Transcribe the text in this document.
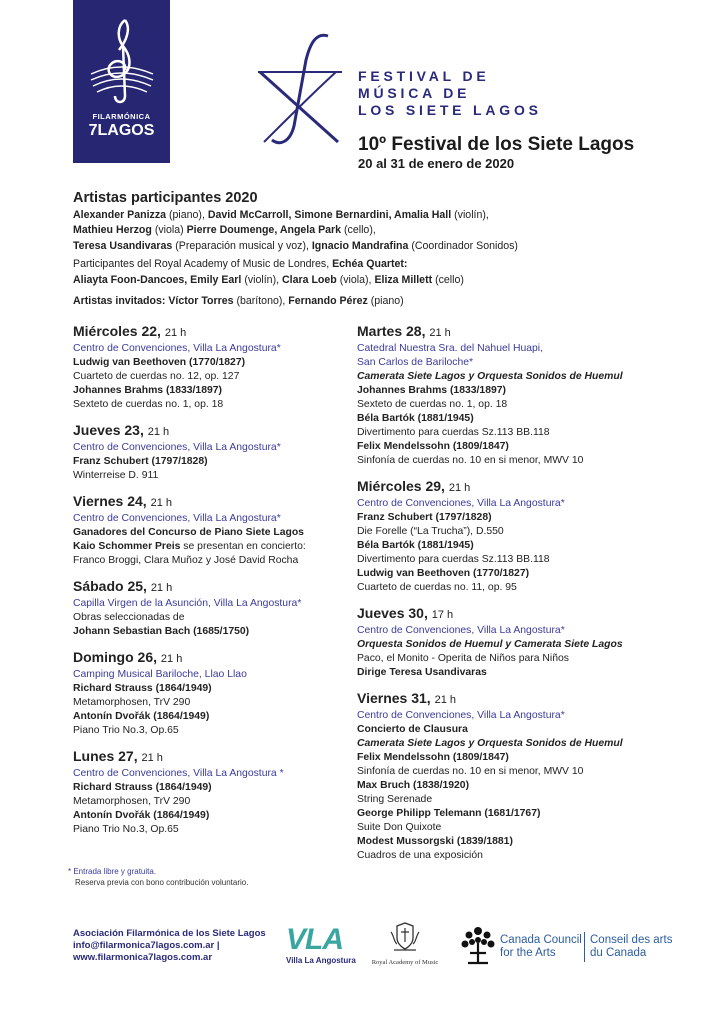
FILARMÓNICA
7LAGOS
FESTIVAL DE
MÚSICA DE
LOS SIETE LAGOS
10º Festival de los Siete Lagos
20 al 31 de enero de 2020
Artistas participantes 2020
Alexander Panizza (piano), David McCarroll, Simone Bernardini, Amalia Hall (violín),
Mathieu Herzog (viola) Pierre Doumenge, Angela Park (cello),
Teresa Usandivaras (Preparación musical y voz), Ignacio Mandrafina (Coordinador Sonidos)
Participantes del Royal Academy of Music de Londres, Echéa Quartet:
Aliayta Foon-Dancoes, Emily Earl (violín), Clara Loeb (viola), Eliza Millett (cello)
Artistas invitados: Víctor Torres (barítono), Fernando Pérez (piano)
Miércoles 22, 21 h
Centro de Convenciones, Villa La Angostura*
Ludwig van Beethoven (1770/1827)
Cuarteto de cuerdas no. 12, op. 127
Johannes Brahms (1833/1897)
Sexteto de cuerdas no. 1, op. 18
Jueves 23, 21 h
Centro de Convenciones, Villa La Angostura*
Franz Schubert (1797/1828)
Winterreise D. 911
Viernes 24, 21 h
Centro de Convenciones, Villa La Angostura*
Ganadores del Concurso de Piano Siete Lagos
Kaio Schommer Preis se presentan en concierto:
Franco Broggi, Clara Muñoz y José David Rocha
Sábado 25, 21 h
Capilla Virgen de la Asunción, Villa La Angostura*
Obras seleccionadas de
Johann Sebastian Bach (1685/1750)
Domingo 26, 21 h
Camping Musical Bariloche, Llao Llao
Richard Strauss (1864/1949)
Metamorphosen, TrV 290
Antonín Dvořák (1864/1949)
Piano Trio No.3, Op.65
Lunes 27, 21 h
Centro de Convenciones, Villa La Angostura *
Richard Strauss (1864/1949)
Metamorphosen, TrV 290
Antonín Dvořák (1864/1949)
Piano Trio No.3, Op.65
Martes 28, 21 h
Catedral Nuestra Sra. del Nahuel Huapi,
San Carlos de Bariloche*
Camerata Siete Lagos y Orquesta Sonidos de Huemul
Johannes Brahms (1833/1897)
Sexteto de cuerdas no. 1, op. 18
Béla Bartók (1881/1945)
Divertimento para cuerdas Sz.113 BB.118
Felix Mendelssohn (1809/1847)
Sinfonía de cuerdas no. 10 en si menor, MWV 10
Miércoles 29, 21 h
Centro de Convenciones, Villa La Angostura*
Franz Schubert (1797/1828)
Die Forelle (“La Trucha”), D.550
Béla Bartók (1881/1945)
Divertimento para cuerdas Sz.113 BB.118
Ludwig van Beethoven (1770/1827)
Cuarteto de cuerdas no. 11, op. 95
Jueves 30, 17 h
Centro de Convenciones, Villa La Angostura*
Orquesta Sonidos de Huemul y Camerata Siete Lagos
Paco, el Monito - Operita de Niños para Niños
Dirige Teresa Usandivaras
Viernes 31, 21 h
Centro de Convenciones, Villa La Angostura*
Concierto de Clausura
Camerata Siete Lagos y Orquesta Sonidos de Huemul
Felix Mendelssohn (1809/1847)
Sinfonía de cuerdas no. 10 en si menor, MWV 10
Max Bruch (1838/1920)
String Serenade
George Philipp Telemann (1681/1767)
Suite Don Quixote
Modest Mussorgski (1839/1881)
Cuadros de una exposición
* Entrada libre y gratuita.
Reserva previa con bono contribución voluntario.
Asociación Filarmónica de los Siete Lagos
info@filarmonica7lagos.com.ar |
www.filarmonica7lagos.com.ar
VLA
Villa La Angostura Royal Academy of Music
Canada Council
for the Arts
Conseil des arts
du Canada
